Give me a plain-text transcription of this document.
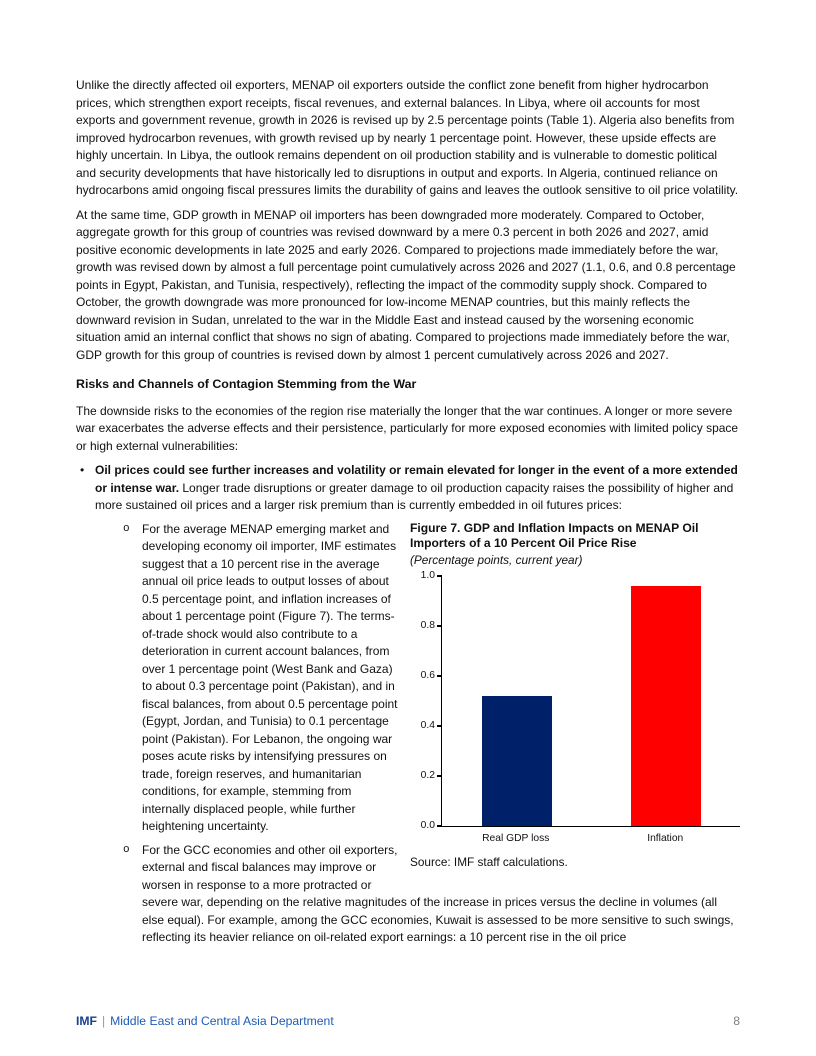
Unlike the directly affected oil exporters, MENAP oil exporters outside the conflict zone benefit from higher hydrocarbon prices, which strengthen export receipts, fiscal revenues, and external balances. In Libya, where oil accounts for most exports and government revenue, growth in 2026 is revised up by 2.5 percentage points (Table 1). Algeria also benefits from improved hydrocarbon revenues, with growth revised up by nearly 1 percentage point. However, these upside effects are highly uncertain. In Libya, the outlook remains dependent on oil production stability and is vulnerable to domestic political and security developments that have historically led to disruptions in output and exports. In Algeria, continued reliance on hydrocarbons amid ongoing fiscal pressures limits the durability of gains and leaves the outlook sensitive to oil price volatility.

At the same time, GDP growth in MENAP oil importers has been downgraded more moderately. Compared to October, aggregate growth for this group of countries was revised downward by a mere 0.3 percent in both 2026 and 2027, amid positive economic developments in late 2025 and early 2026. Compared to projections made immediately before the war, growth was revised down by almost a full percentage point cumulatively across 2026 and 2027 (1.1, 0.6, and 0.8 percentage points in Egypt, Pakistan, and Tunisia, respectively), reflecting the impact of the commodity supply shock. Compared to October, the growth downgrade was more pronounced for low-income MENAP countries, but this mainly reflects the downward revision in Sudan, unrelated to the war in the Middle East and instead caused by the worsening economic situation amid an internal conflict that shows no sign of abating. Compared to projections made immediately before the war, GDP growth for this group of countries is revised down by almost 1 percent cumulatively across 2026 and 2027.

Risks and Channels of Contagion Stemming from the War

The downside risks to the economies of the region rise materially the longer that the war continues. A longer or more severe war exacerbates the adverse effects and their persistence, particularly for more exposed economies with limited policy space or high external vulnerabilities:

• Oil prices could see further increases and volatility or remain elevated for longer in the event of a more extended or intense war. Longer trade disruptions or greater damage to oil production capacity raises the possibility of higher and more sustained oil prices and a larger risk premium than is currently embedded in oil futures prices:
Figure 7. GDP and Inflation Impacts on MENAP Oil Importers of a 10 Percent Oil Price Rise
(Percentage points, current year)
0.0
0.2
0.4
0.6
0.8
1.0
Real GDP loss	Inflation
Source: IMF staff calculations.
o For the average MENAP emerging market and developing economy oil importer, IMF estimates suggest that a 10 percent rise in the average annual oil price leads to output losses of about 0.5 percentage point, and inflation increases of about 1 percentage point (Figure 7). The terms-of-trade shock would also contribute to a deterioration in current account balances, from over 1 percentage point (West Bank and Gaza) to about 0.3 percentage point (Pakistan), and in fiscal balances, from about 0.5 percentage point (Egypt, Jordan, and Tunisia) to 0.1 percentage point (Pakistan). For Lebanon, the ongoing war poses acute risks by intensifying pressures on trade, foreign reserves, and humanitarian conditions, for example, stemming from internally displaced people, while further heightening uncertainty.
o For the GCC economies and other oil exporters, external and fiscal balances may improve or worsen in response to a more protracted or severe war, depending on the relative magnitudes of the increase in prices versus the decline in volumes (all else equal). For example, among the GCC economies, Kuwait is assessed to be more sensitive to such swings, reflecting its heavier reliance on oil-related export earnings: a 10 percent rise in the oil price
IMF | Middle East and Central Asia Department	8
